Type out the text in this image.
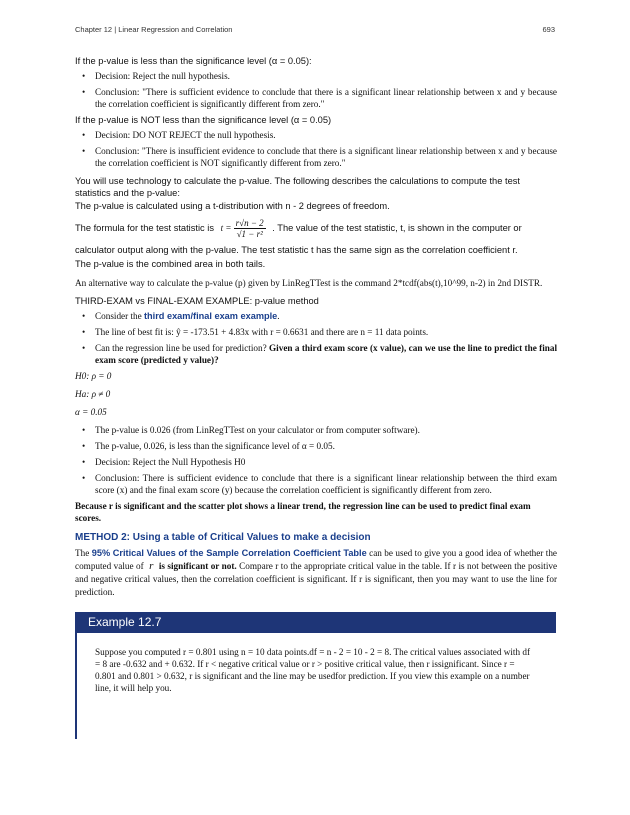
Chapter 12 | Linear Regression and Correlation	693

If the p-value is less than the significance level (α = 0.05):

• Decision: Reject the null hypothesis.
• Conclusion: "There is sufficient evidence to conclude that there is a significant linear relationship between x and y because the correlation coefficient is significantly different from zero."

If the p-value is NOT less than the significance level (α = 0.05)

• Decision: DO NOT REJECT the null hypothesis.
• Conclusion: "There is insufficient evidence to conclude that there is a significant linear relationship between x and y because the correlation coefficient is NOT significantly different from zero."

You will use technology to calculate the p-value. The following describes the calculations to compute the test statistics and the p-value:

The p-value is calculated using a t-distribution with n - 2 degrees of freedom.

The formula for the test statistic is $t = \frac{r√n - 2}{\text{√1 − r²}}$ . The value of the test statistic, t, is shown in the computer or

calculator output along with the p-value. The test statistic t has the same sign as the correlation coefficient r.

The p-value is the combined area in both tails.

An alternative way to calculate the p-value (p) given by LinRegTTest is the command 2*tcdf(abs(t),10^99, n-2) in 2nd DISTR.

THIRD-EXAM vs FINAL-EXAM EXAMPLE: p-value method

• Consider the third exam/final exam example.
• The line of best fit is: ŷ = -173.51 + 4.83x with r = 0.6631 and there are n = 11 data points.
• Can the regression line be used for prediction? Given a third exam score (x value), can we use the line to predict the final exam score (predicted y value)?

H0: ρ = 0

Ha: ρ ≠ 0

α = 0.05

• The p-value is 0.026 (from LinRegTTest on your calculator or from computer software).
• The p-value, 0.026, is less than the significance level of α = 0.05.
• Decision: Reject the Null Hypothesis H0
• Conclusion: There is sufficient evidence to conclude that there is a significant linear relationship between the third exam score (x) and the final exam score (y) because the correlation coefficient is significantly different from zero.

Because r is significant and the scatter plot shows a linear trend, the regression line can be used to predict final exam scores.

METHOD 2: Using a table of Critical Values to make a decision

The 95% Critical Values of the Sample Correlation Coefficient Table can be used to give you a good idea of whether the computed value of r is significant or not. Compare r to the appropriate critical value in the table. If r is not between the positive and negative critical values, then the correlation coefficient is significant. If r is significant, then you may want to use the line for prediction.

Example 12.7

Suppose you computed r = 0.801 using n = 10 data points.df = n - 2 = 10 - 2 = 8. The critical values associated with df = 8 are -0.632 and + 0.632. If r < negative critical value or r > positive critical value, then r issignificant. Since r = 0.801 and 0.801 > 0.632, r is significant and the line may be usedfor prediction. If you view this example on a number line, it will help you.
